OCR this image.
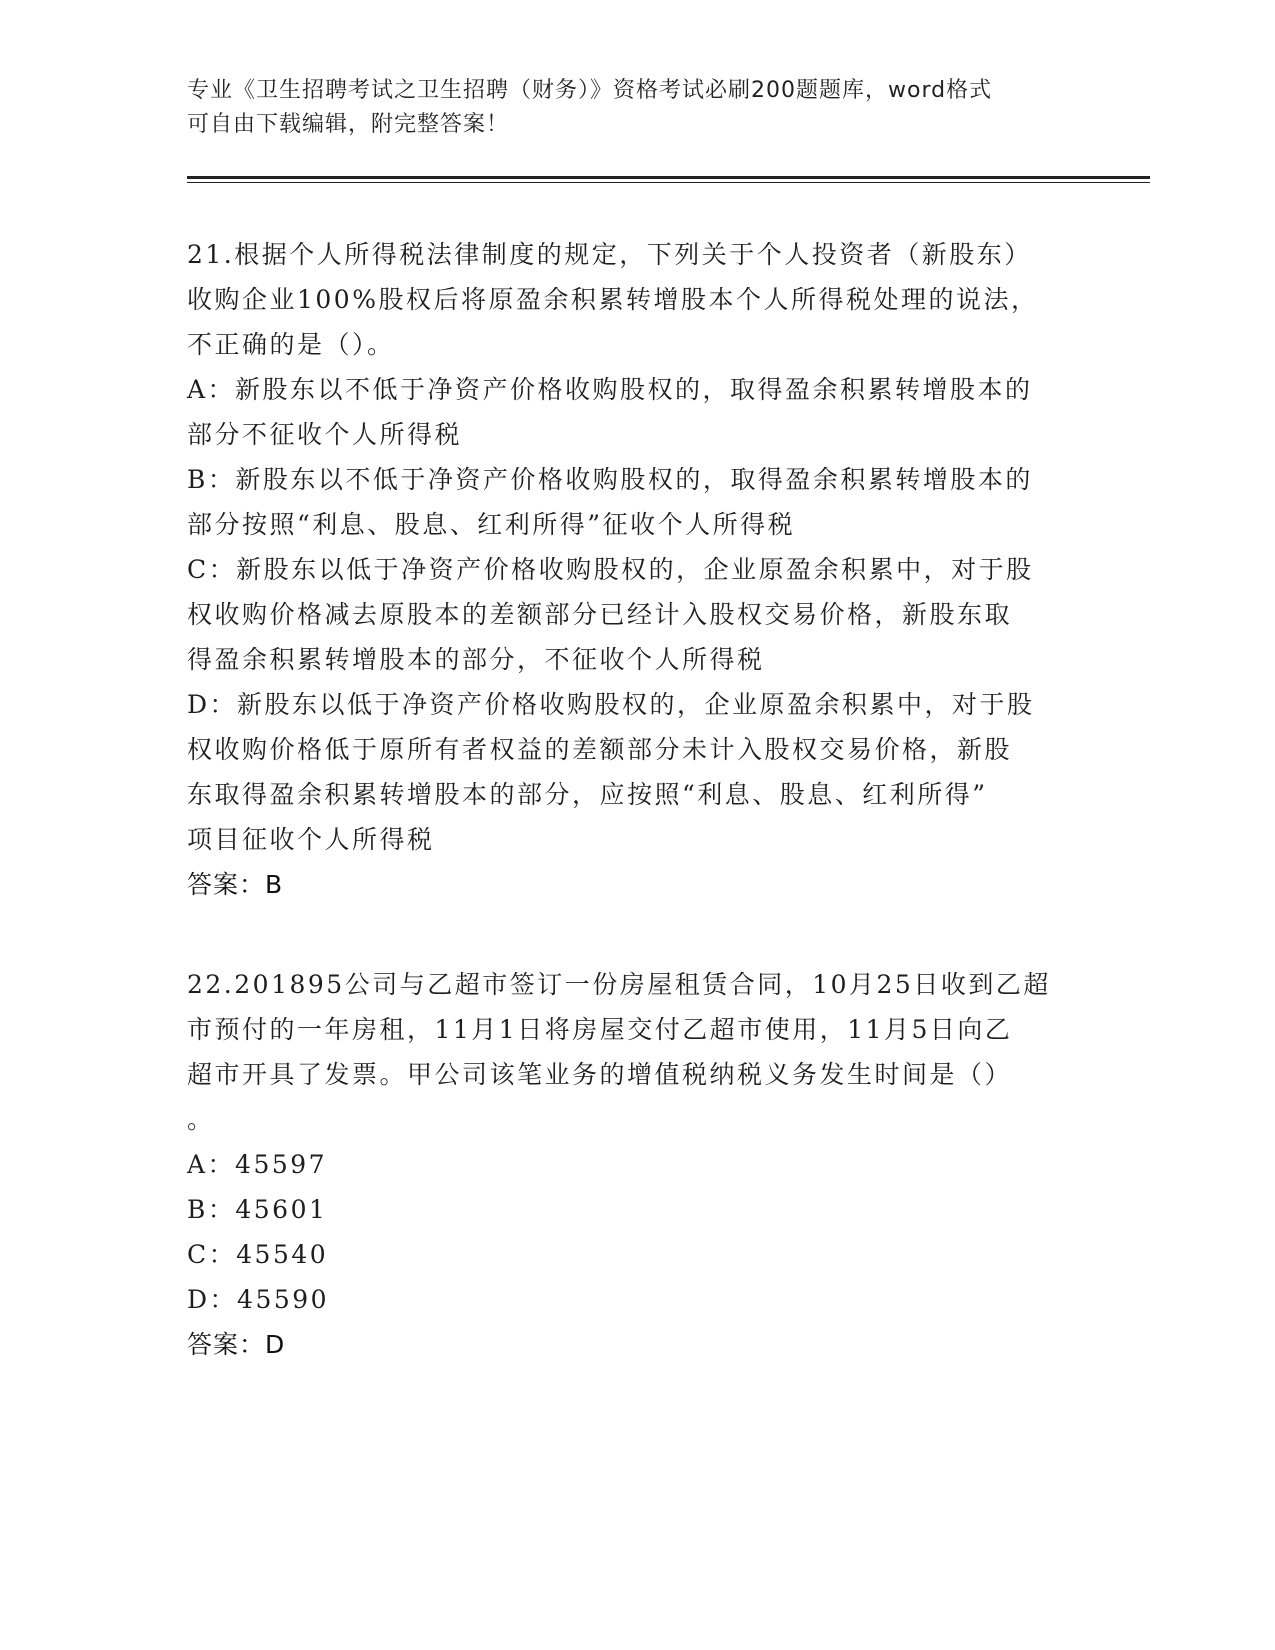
专业《卫生招聘考试之卫生招聘（财务）》资格考试必刷200题题库，word格式
可自由下载编辑，附完整答案！
21.根据个人所得税法律制度的规定，下列关于个人投资者（新股东）
收购企业100%股权后将原盈余积累转增股本个人所得税处理的说法，
不正确的是（）。
A：新股东以不低于净资产价格收购股权的，取得盈余积累转增股本的
部分不征收个人所得税
B：新股东以不低于净资产价格收购股权的，取得盈余积累转增股本的
部分按照“利息、股息、红利所得”征收个人所得税
C：新股东以低于净资产价格收购股权的，企业原盈余积累中，对于股
权收购价格减去原股本的差额部分已经计入股权交易价格，新股东取
得盈余积累转增股本的部分，不征收个人所得税
D：新股东以低于净资产价格收购股权的，企业原盈余积累中，对于股
权收购价格低于原所有者权益的差额部分未计入股权交易价格，新股
东取得盈余积累转增股本的部分，应按照“利息、股息、红利所得”
项目征收个人所得税
答案：B
22.201895公司与乙超市签订一份房屋租赁合同，10月25日收到乙超
市预付的一年房租，11月1日将房屋交付乙超市使用，11月5日向乙
超市开具了发票。甲公司该笔业务的增值税纳税义务发生时间是（）
。
A：45597
B：45601
C：45540
D：45590
答案：D
